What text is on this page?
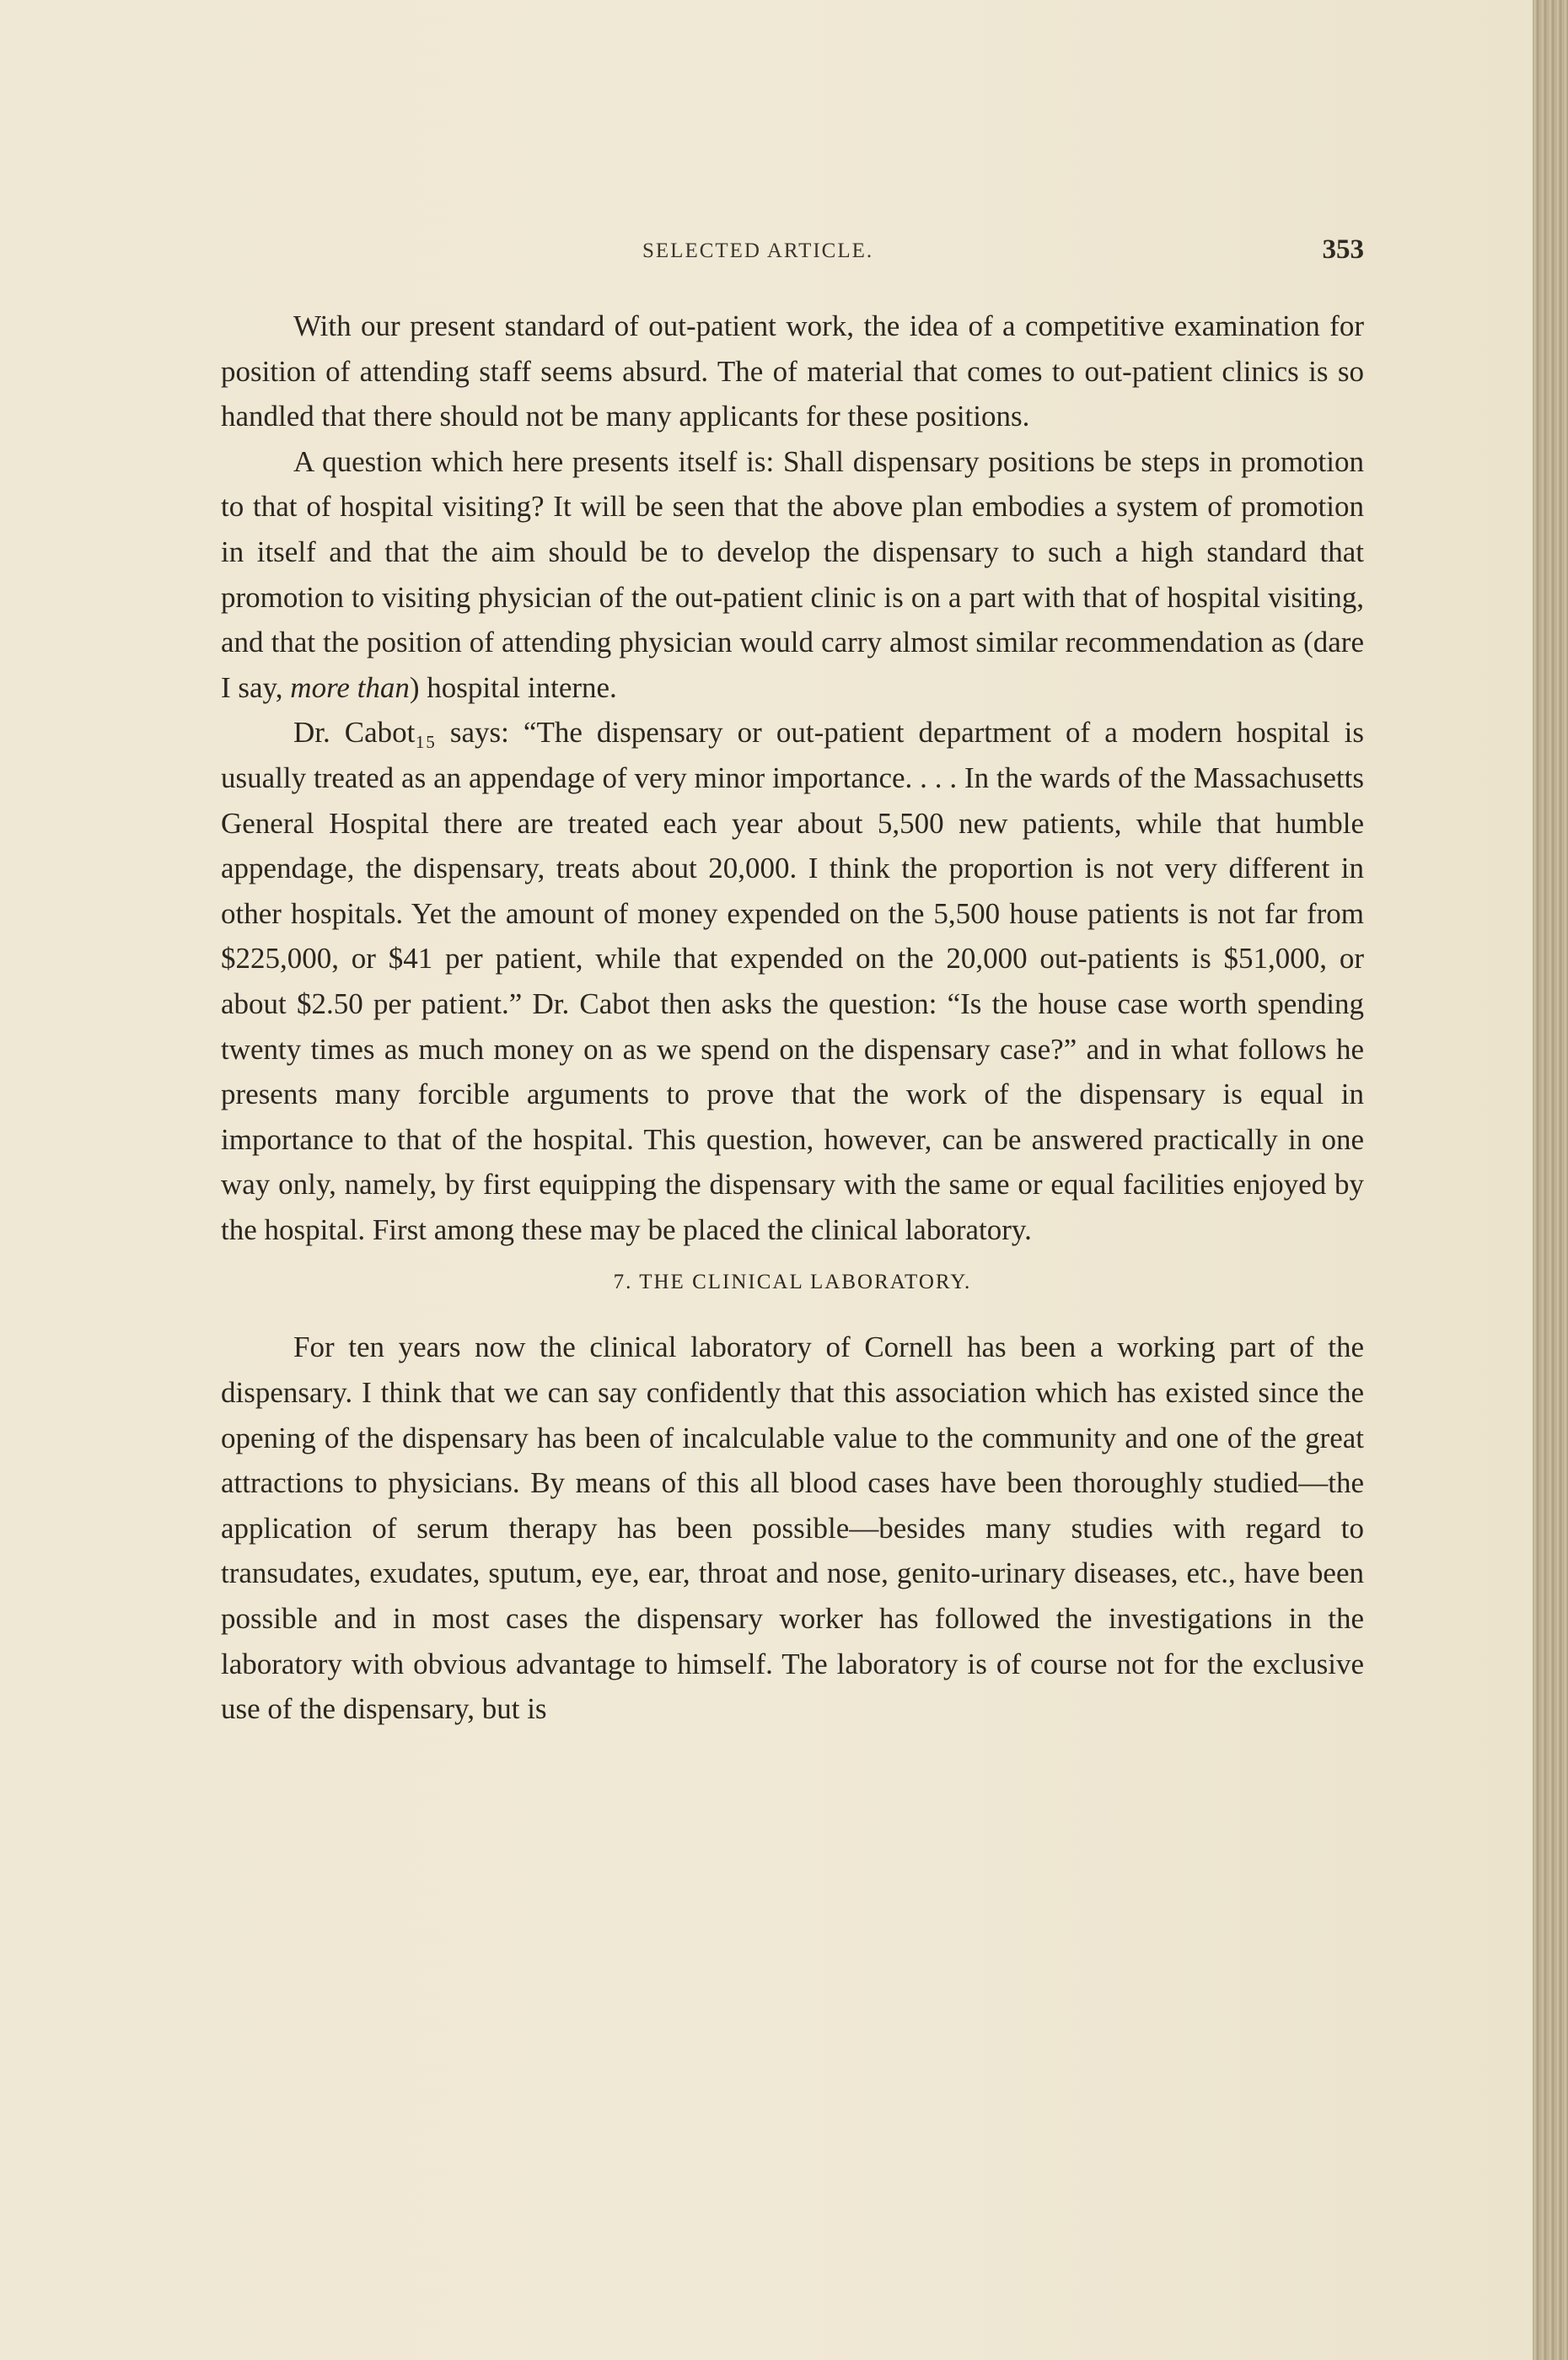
SELECTED ARTICLE.	353

With our present standard of out-patient work, the idea of a competitive examination for position of attending staff seems absurd. The of material that comes to out-patient clinics is so handled that there should not be many applicants for these positions.

A question which here presents itself is: Shall dispensary positions be steps in promotion to that of hospital visiting? It will be seen that the above plan embodies a system of promotion in itself and that the aim should be to develop the dispensary to such a high standard that promotion to visiting physician of the out-patient clinic is on a part with that of hospital visiting, and that the position of attending physician would carry almost similar recommendation as (dare I say, more than) hospital interne.

Dr. Cabot₁₅ says: “The dispensary or out-patient department of a modern hospital is usually treated as an appendage of very minor importance. . . . In the wards of the Massachusetts General Hospital there are treated each year about 5,500 new patients, while that humble appendage, the dispensary, treats about 20,000. I think the proportion is not very different in other hospitals. Yet the amount of money expended on the 5,500 house patients is not far from $225,000, or $41 per patient, while that expended on the 20,000 out-patients is $51,000, or about $2.50 per patient.” Dr. Cabot then asks the question: “Is the house case worth spending twenty times as much money on as we spend on the dispensary case?” and in what follows he presents many forcible arguments to prove that the work of the dispensary is equal in importance to that of the hospital. This question, however, can be answered practically in one way only, namely, by first equipping the dispensary with the same or equal facilities enjoyed by the hospital. First among these may be placed the clinical laboratory.

7. THE CLINICAL LABORATORY.

For ten years now the clinical laboratory of Cornell has been a working part of the dispensary. I think that we can say confidently that this association which has existed since the opening of the dispensary has been of incalculable value to the community and one of the great attractions to physicians. By means of this all blood cases have been thoroughly studied—the application of serum therapy has been possible—besides many studies with regard to transudates, exudates, sputum, eye, ear, throat and nose, genito-urinary diseases, etc., have been possible and in most cases the dispensary worker has followed the investigations in the laboratory with obvious advantage to himself. The laboratory is of course not for the exclusive use of the dispensary, but is
